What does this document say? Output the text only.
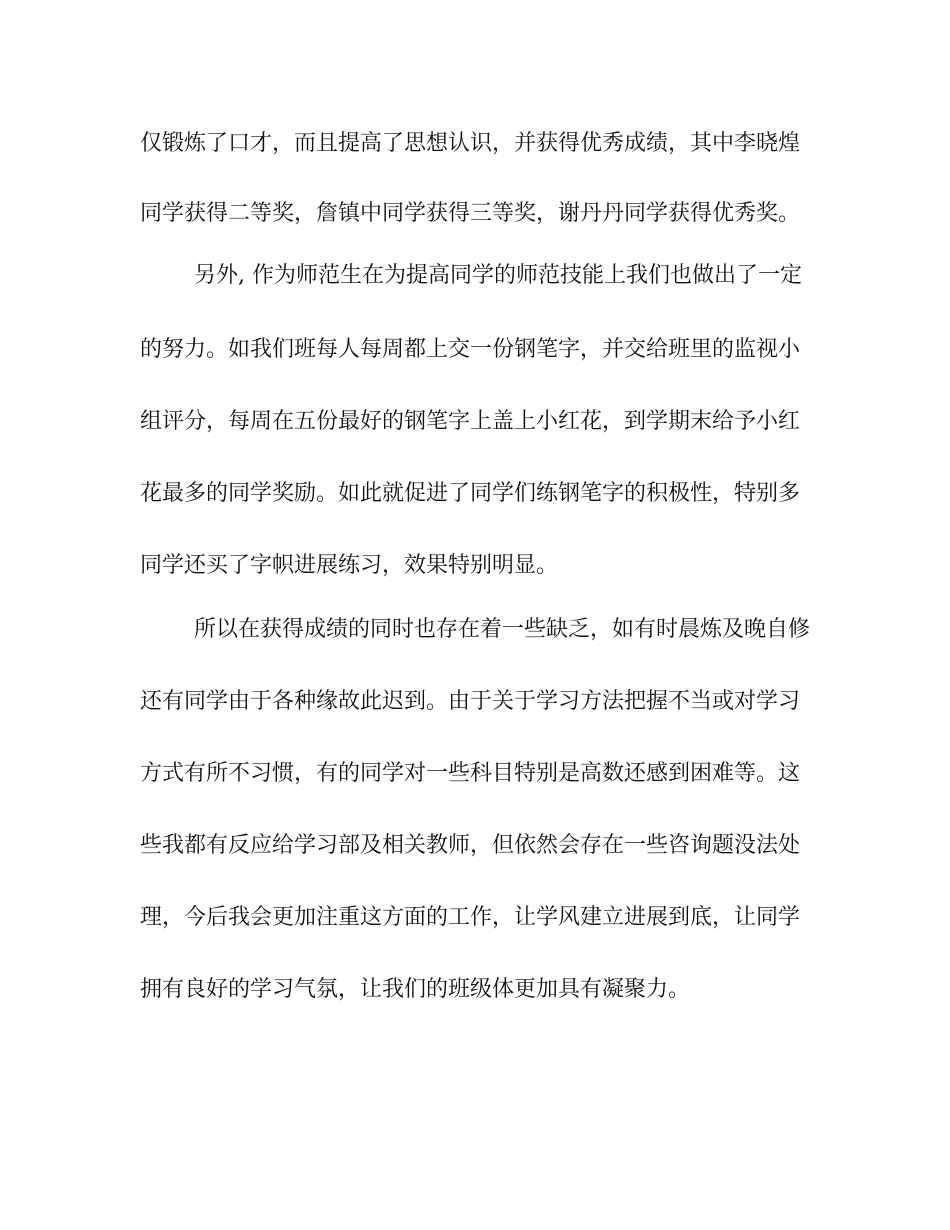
仅锻炼了口才，而且提高了思想认识，并获得优秀成绩，其中李晓煌
同学获得二等奖，詹镇中同学获得三等奖，谢丹丹同学获得优秀奖。
另外, 作为师范生在为提高同学的师范技能上我们也做出了一定
的努力。如我们班每人每周都上交一份钢笔字，并交给班里的监视小
组评分，每周在五份最好的钢笔字上盖上小红花，到学期末给予小红
花最多的同学奖励。如此就促进了同学们练钢笔字的积极性，特别多
同学还买了字帜进展练习，效果特别明显。
所以在获得成绩的同时也存在着一些缺乏，如有时晨炼及晚自修
还有同学由于各种缘故此迟到。由于关于学习方法把握不当或对学习
方式有所不习惯，有的同学对一些科目特别是高数还感到困难等。这
些我都有反应给学习部及相关教师，但依然会存在一些咨询题没法处
理，今后我会更加注重这方面的工作，让学风建立进展到底，让同学
拥有良好的学习气氛，让我们的班级体更加具有凝聚力。
